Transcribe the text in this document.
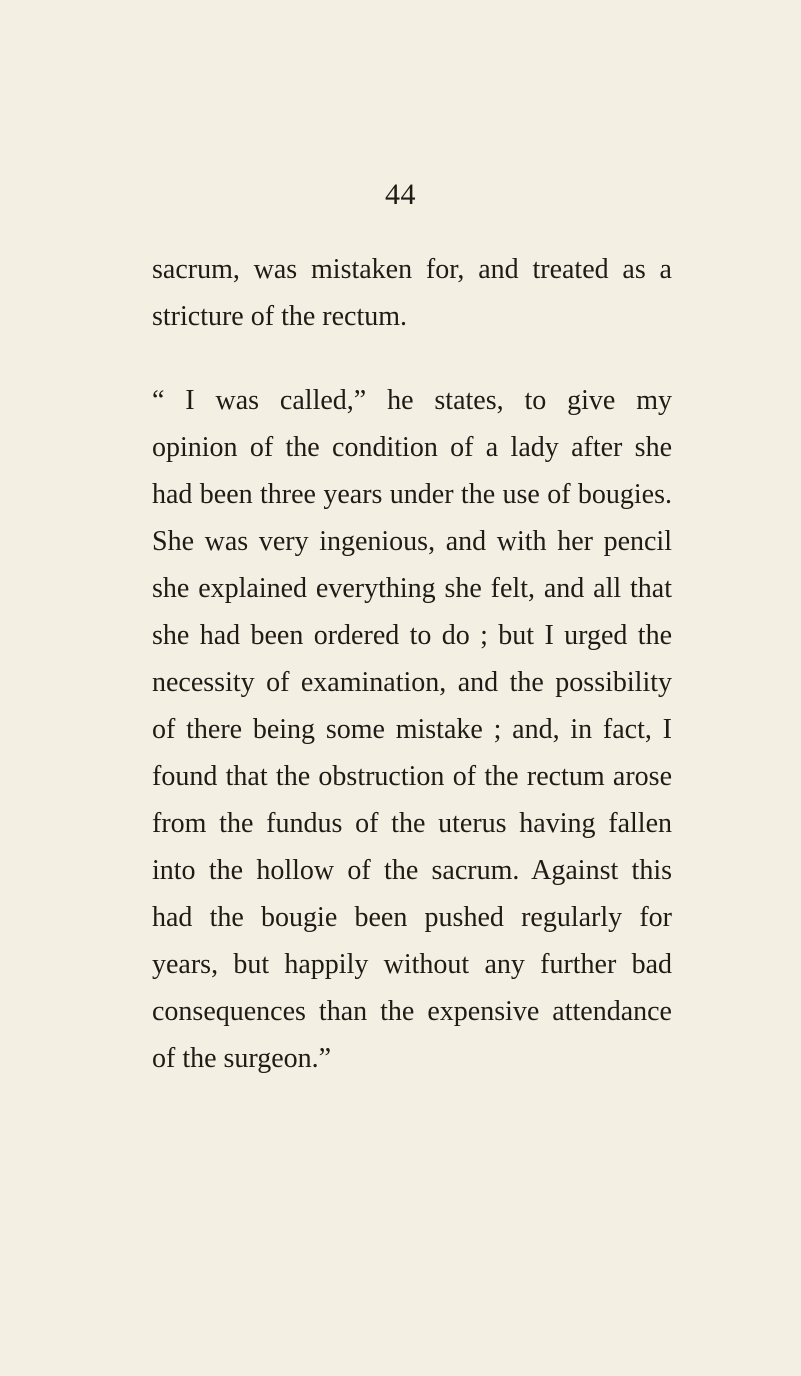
44
sacrum, was mistaken for, and treated as a
stricture of the rectum.
“ I was called,” he states, to give my
opinion of the condition of a lady after she
had been three years under the use of bougies.
She was very ingenious, and with her pencil
she explained everything she felt, and all that
she had been ordered to do ; but I urged the
necessity of examination, and the possibility
of there being some mistake ; and, in fact, I
found that the obstruction of the rectum arose
from the fundus of the uterus having fallen
into the hollow of the sacrum. Against this
had the bougie been pushed regularly for
years, but happily without any further bad
consequences than the expensive attendance
of the surgeon.”
